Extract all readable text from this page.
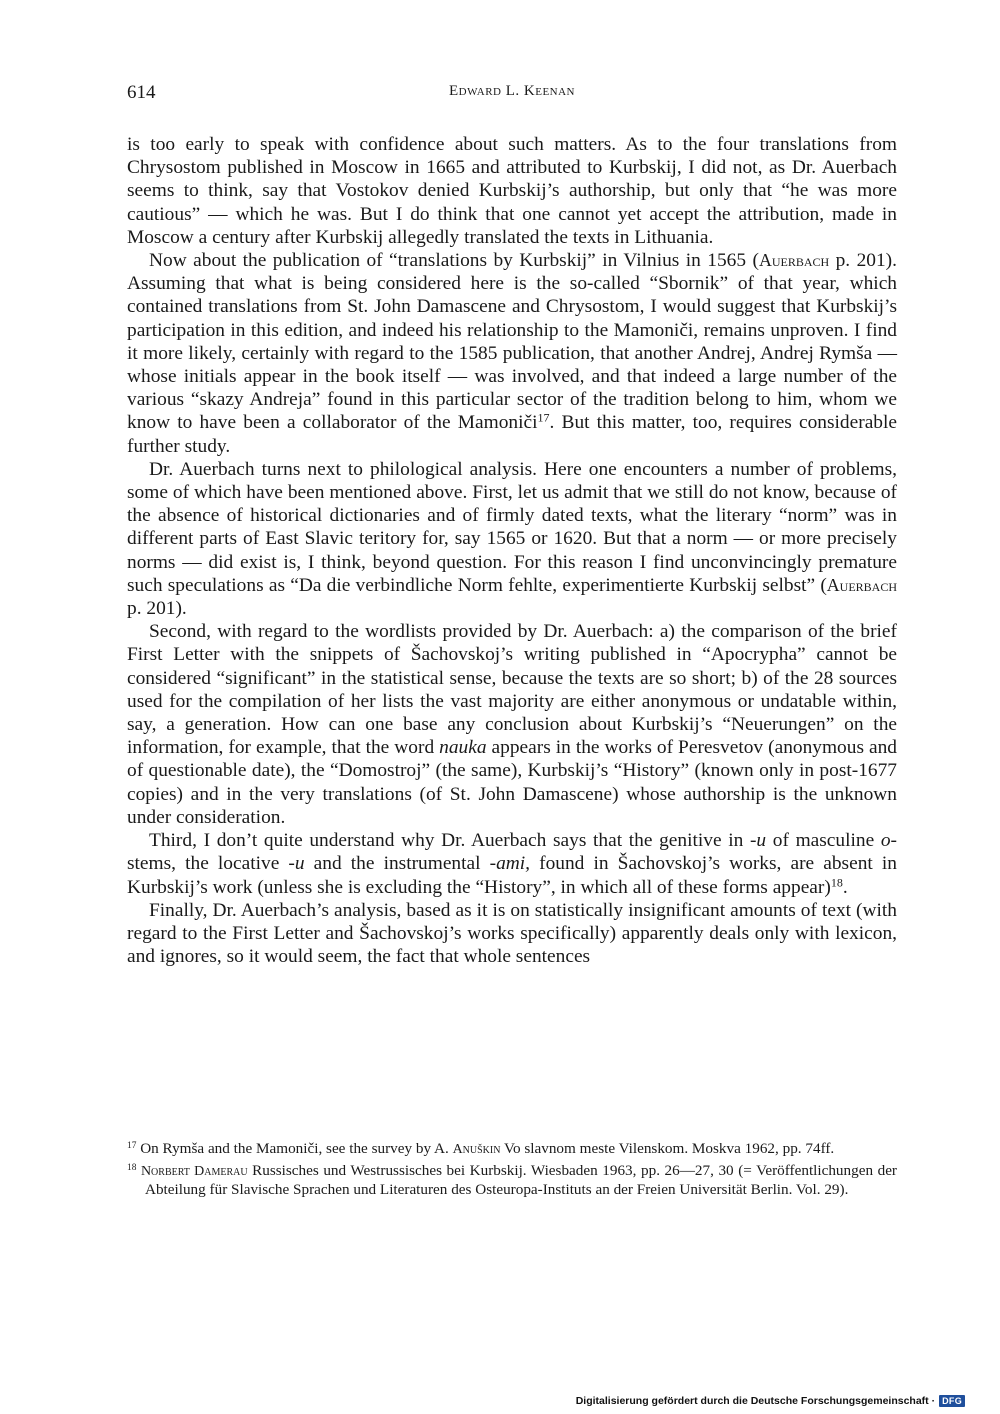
614	Edward L. Keenan

is too early to speak with confidence about such matters. As to the four translations from Chrysostom published in Moscow in 1665 and attributed to Kurbskij, I did not, as Dr. Auerbach seems to think, say that Vostokov denied Kurbskij’s authorship, but only that “he was more cautious” — which he was. But I do think that one cannot yet accept the attribution, made in Moscow a century after Kurbskij allegedly translated the texts in Lithuania.

Now about the publication of “translations by Kurbskij” in Vilnius in 1565 (Auerbach p. 201). Assuming that what is being considered here is the so-called “Sbornik” of that year, which contained translations from St. John Damascene and Chrysostom, I would suggest that Kurbskij’s participation in this edition, and indeed his relationship to the Mamoniči, remains unproven. I find it more likely, certainly with regard to the 1585 publication, that another Andrej, Andrej Rymša — whose initials appear in the book itself — was involved, and that indeed a large number of the various “skazy Andreja” found in this particular sector of the tradition belong to him, whom we know to have been a collaborator of the Mamoniči$^{17}$. But this matter, too, requires considerable further study.

Dr. Auerbach turns next to philological analysis. Here one encounters a number of problems, some of which have been mentioned above. First, let us admit that we still do not know, because of the absence of historical dictionaries and of firmly dated texts, what the literary “norm” was in different parts of East Slavic teritory for, say 1565 or 1620. But that a norm — or more precisely norms — did exist is, I think, beyond question. For this reason I find unconvincingly premature such speculations as “Da die verbindliche Norm fehlte, experimentierte Kurbskij selbst” (Auerbach p. 201).

Second, with regard to the wordlists provided by Dr. Auerbach: a) the comparison of the brief First Letter with the snippets of Šachovskoj’s writing published in “Apocrypha” cannot be considered “significant” in the statistical sense, because the texts are so short; b) of the 28 sources used for the compilation of her lists the vast majority are either anonymous or undatable within, say, a generation. How can one base any conclusion about Kurbskij’s “Neuerungen” on the information, for example, that the word nauka appears in the works of Peresvetov (anonymous and of questionable date), the “Domostroj” (the same), Kurbskij’s “History” (known only in post-1677 copies) and in the very translations (of St. John Damascene) whose authorship is the unknown under consideration.

Third, I don’t quite understand why Dr. Auerbach says that the genitive in -u of masculine o-stems, the locative -u and the instrumental -ami, found in Šachovskoj’s works, are absent in Kurbskij’s work (unless she is excluding the “History”, in which all of these forms appear)$^{18}$.

Finally, Dr. Auerbach’s analysis, based as it is on statistically insignificant amounts of text (with regard to the First Letter and Šachovskoj’s works specifically) apparently deals only with lexicon, and ignores, so it would seem, the fact that whole sentences

$^{17}$ On Rymša and the Mamoniči, see the survey by A. Anuškin Vo slavnom meste Vilenskom. Moskva 1962, pp. 74ff.

$^{18}$ Norbert Damerau Russisches und Westrussisches bei Kurbskij. Wiesbaden 1963, pp. 26—27, 30 (= Veröffentlichungen der Abteilung für Slavische Sprachen und Literaturen des Osteuropa-Instituts an der Freien Universität Berlin. Vol. 29).

Digitalisierung gefördert durch die Deutsche Forschungsgemeinschaft · DFG
